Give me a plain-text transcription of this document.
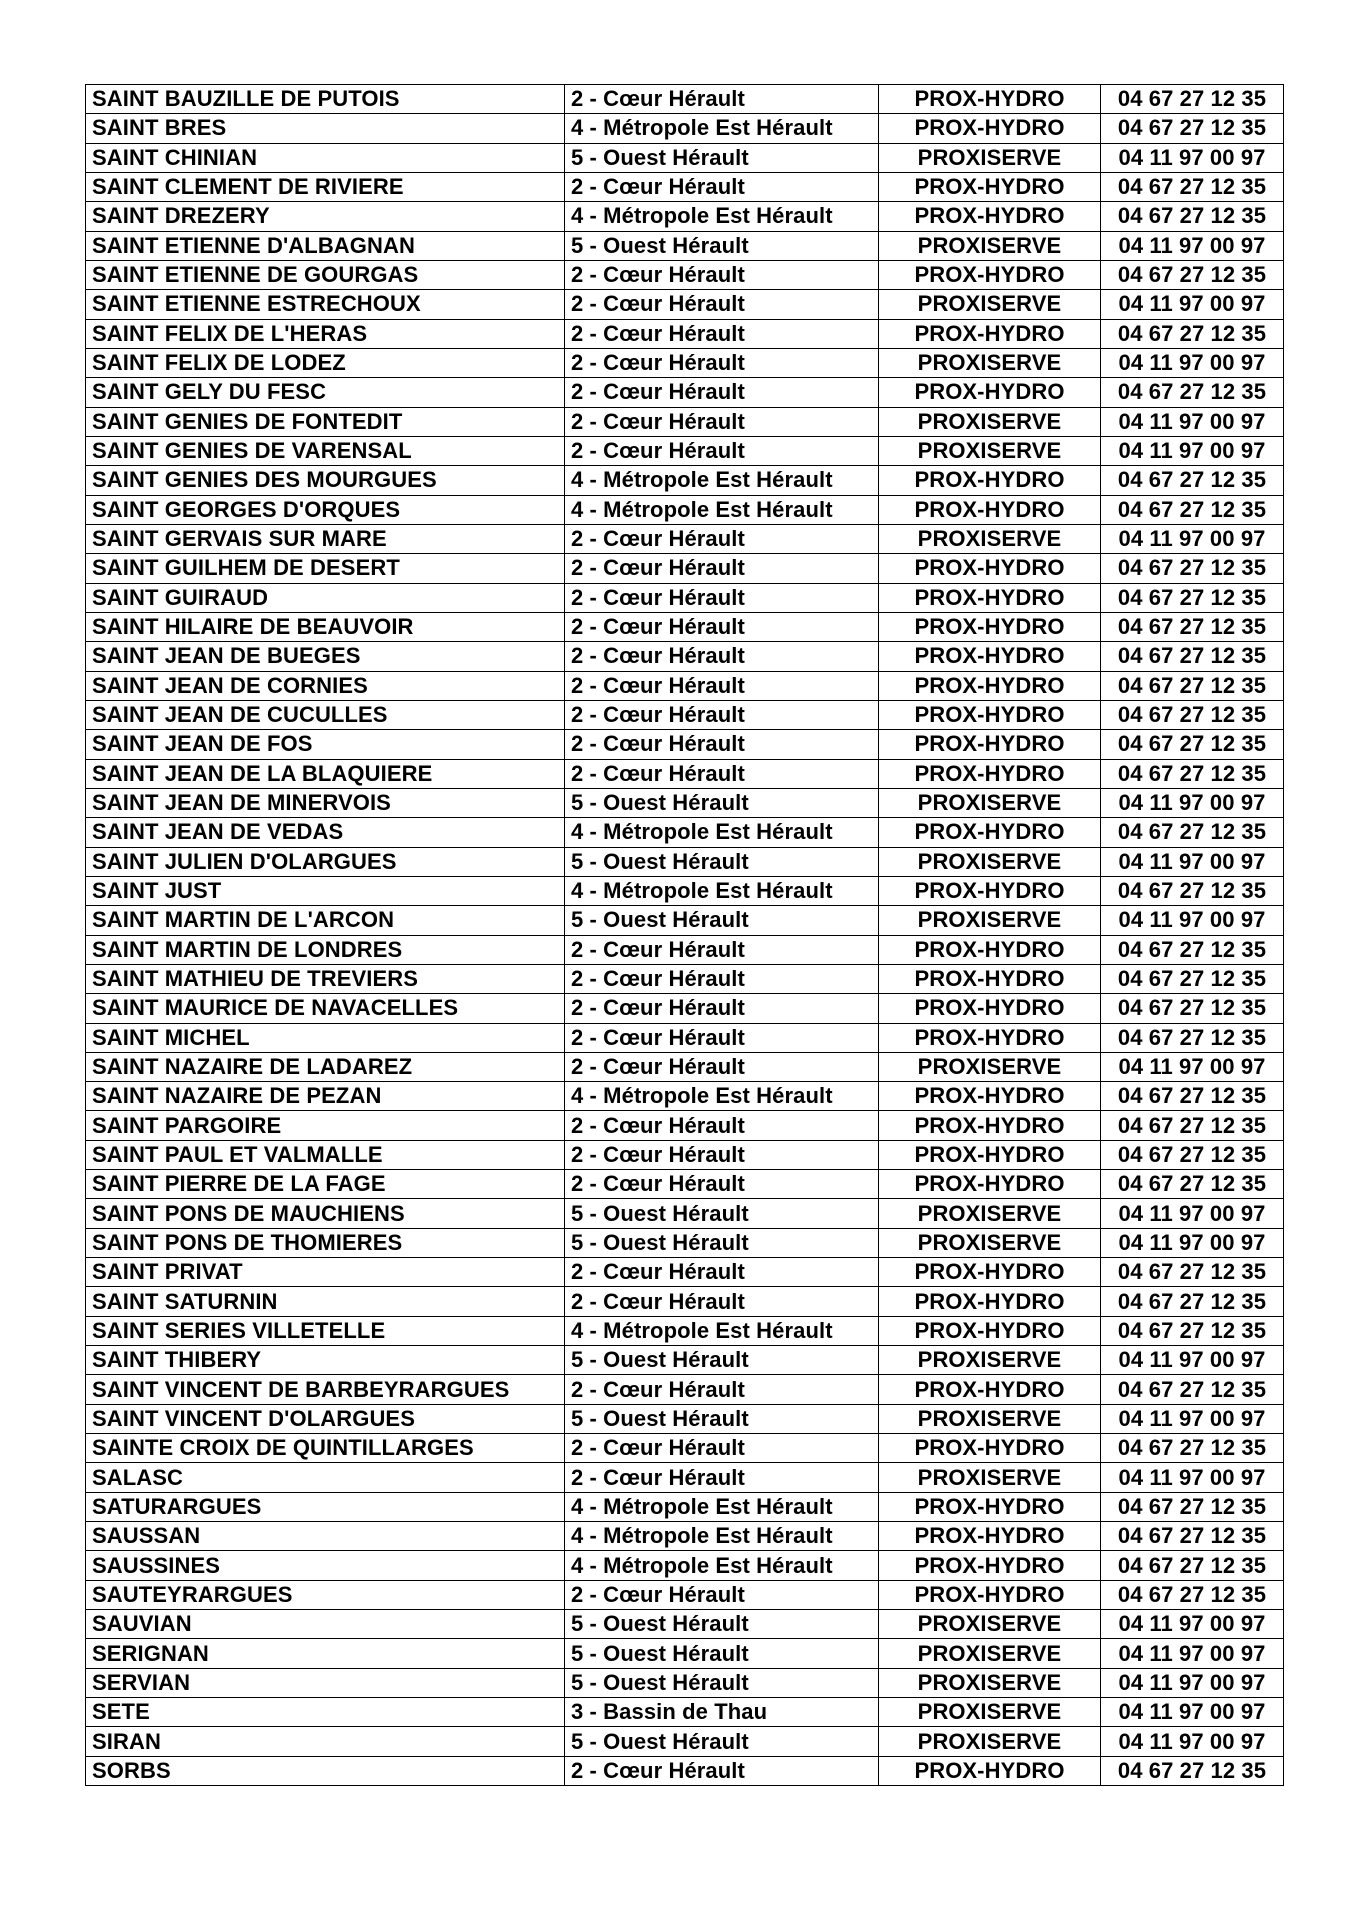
SAINT BAUZILLE DE PUTOIS	2 - Cœur Hérault	PROX-HYDRO	04 67 27 12 35
SAINT BRES	4 - Métropole Est Hérault	PROX-HYDRO	04 67 27 12 35
SAINT CHINIAN	5 - Ouest Hérault	PROXISERVE	04 11 97 00 97
SAINT CLEMENT DE RIVIERE	2 - Cœur Hérault	PROX-HYDRO	04 67 27 12 35
SAINT DREZERY	4 - Métropole Est Hérault	PROX-HYDRO	04 67 27 12 35
SAINT ETIENNE D'ALBAGNAN	5 - Ouest Hérault	PROXISERVE	04 11 97 00 97
SAINT ETIENNE DE GOURGAS	2 - Cœur Hérault	PROX-HYDRO	04 67 27 12 35
SAINT ETIENNE ESTRECHOUX	2 - Cœur Hérault	PROXISERVE	04 11 97 00 97
SAINT FELIX DE L'HERAS	2 - Cœur Hérault	PROX-HYDRO	04 67 27 12 35
SAINT FELIX DE LODEZ	2 - Cœur Hérault	PROXISERVE	04 11 97 00 97
SAINT GELY DU FESC	2 - Cœur Hérault	PROX-HYDRO	04 67 27 12 35
SAINT GENIES DE FONTEDIT	2 - Cœur Hérault	PROXISERVE	04 11 97 00 97
SAINT GENIES DE VARENSAL	2 - Cœur Hérault	PROXISERVE	04 11 97 00 97
SAINT GENIES DES MOURGUES	4 - Métropole Est Hérault	PROX-HYDRO	04 67 27 12 35
SAINT GEORGES D'ORQUES	4 - Métropole Est Hérault	PROX-HYDRO	04 67 27 12 35
SAINT GERVAIS SUR MARE	2 - Cœur Hérault	PROXISERVE	04 11 97 00 97
SAINT GUILHEM DE DESERT	2 - Cœur Hérault	PROX-HYDRO	04 67 27 12 35
SAINT GUIRAUD	2 - Cœur Hérault	PROX-HYDRO	04 67 27 12 35
SAINT HILAIRE DE BEAUVOIR	2 - Cœur Hérault	PROX-HYDRO	04 67 27 12 35
SAINT JEAN DE BUEGES	2 - Cœur Hérault	PROX-HYDRO	04 67 27 12 35
SAINT JEAN DE CORNIES	2 - Cœur Hérault	PROX-HYDRO	04 67 27 12 35
SAINT JEAN DE CUCULLES	2 - Cœur Hérault	PROX-HYDRO	04 67 27 12 35
SAINT JEAN DE FOS	2 - Cœur Hérault	PROX-HYDRO	04 67 27 12 35
SAINT JEAN DE LA BLAQUIERE	2 - Cœur Hérault	PROX-HYDRO	04 67 27 12 35
SAINT JEAN DE MINERVOIS	5 - Ouest Hérault	PROXISERVE	04 11 97 00 97
SAINT JEAN DE VEDAS	4 - Métropole Est Hérault	PROX-HYDRO	04 67 27 12 35
SAINT JULIEN D'OLARGUES	5 - Ouest Hérault	PROXISERVE	04 11 97 00 97
SAINT JUST	4 - Métropole Est Hérault	PROX-HYDRO	04 67 27 12 35
SAINT MARTIN DE L'ARCON	5 - Ouest Hérault	PROXISERVE	04 11 97 00 97
SAINT MARTIN DE LONDRES	2 - Cœur Hérault	PROX-HYDRO	04 67 27 12 35
SAINT MATHIEU DE TREVIERS	2 - Cœur Hérault	PROX-HYDRO	04 67 27 12 35
SAINT MAURICE DE NAVACELLES	2 - Cœur Hérault	PROX-HYDRO	04 67 27 12 35
SAINT MICHEL	2 - Cœur Hérault	PROX-HYDRO	04 67 27 12 35
SAINT NAZAIRE DE LADAREZ	2 - Cœur Hérault	PROXISERVE	04 11 97 00 97
SAINT NAZAIRE DE PEZAN	4 - Métropole Est Hérault	PROX-HYDRO	04 67 27 12 35
SAINT PARGOIRE	2 - Cœur Hérault	PROX-HYDRO	04 67 27 12 35
SAINT PAUL ET VALMALLE	2 - Cœur Hérault	PROX-HYDRO	04 67 27 12 35
SAINT PIERRE DE LA FAGE	2 - Cœur Hérault	PROX-HYDRO	04 67 27 12 35
SAINT PONS DE MAUCHIENS	5 - Ouest Hérault	PROXISERVE	04 11 97 00 97
SAINT PONS DE THOMIERES	5 - Ouest Hérault	PROXISERVE	04 11 97 00 97
SAINT PRIVAT	2 - Cœur Hérault	PROX-HYDRO	04 67 27 12 35
SAINT SATURNIN	2 - Cœur Hérault	PROX-HYDRO	04 67 27 12 35
SAINT SERIES VILLETELLE	4 - Métropole Est Hérault	PROX-HYDRO	04 67 27 12 35
SAINT THIBERY	5 - Ouest Hérault	PROXISERVE	04 11 97 00 97
SAINT VINCENT DE BARBEYRARGUES	2 - Cœur Hérault	PROX-HYDRO	04 67 27 12 35
SAINT VINCENT D'OLARGUES	5 - Ouest Hérault	PROXISERVE	04 11 97 00 97
SAINTE CROIX DE QUINTILLARGES	2 - Cœur Hérault	PROX-HYDRO	04 67 27 12 35
SALASC	2 - Cœur Hérault	PROXISERVE	04 11 97 00 97
SATURARGUES	4 - Métropole Est Hérault	PROX-HYDRO	04 67 27 12 35
SAUSSAN	4 - Métropole Est Hérault	PROX-HYDRO	04 67 27 12 35
SAUSSINES	4 - Métropole Est Hérault	PROX-HYDRO	04 67 27 12 35
SAUTEYRARGUES	2 - Cœur Hérault	PROX-HYDRO	04 67 27 12 35
SAUVIAN	5 - Ouest Hérault	PROXISERVE	04 11 97 00 97
SERIGNAN	5 - Ouest Hérault	PROXISERVE	04 11 97 00 97
SERVIAN	5 - Ouest Hérault	PROXISERVE	04 11 97 00 97
SETE	3 - Bassin de Thau	PROXISERVE	04 11 97 00 97
SIRAN	5 - Ouest Hérault	PROXISERVE	04 11 97 00 97
SORBS	2 - Cœur Hérault	PROX-HYDRO	04 67 27 12 35
